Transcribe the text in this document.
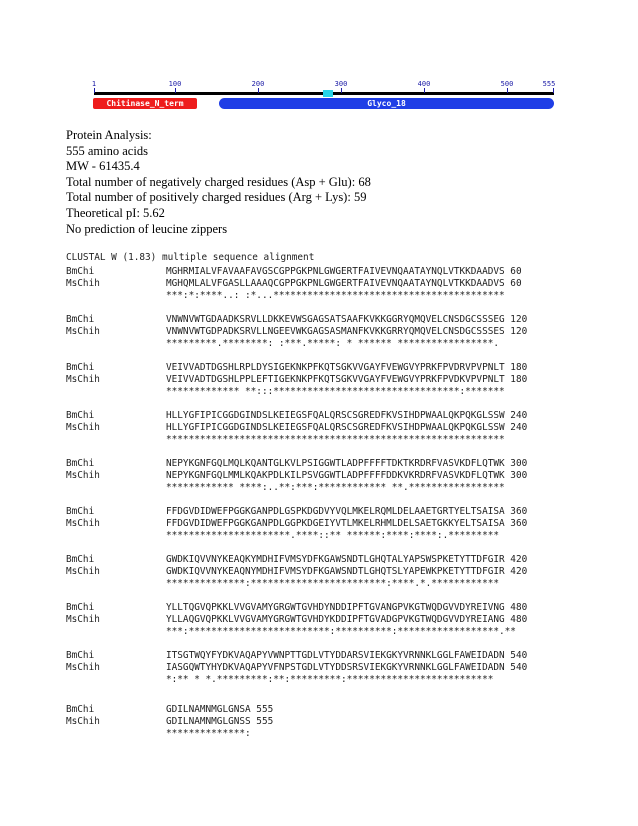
1	100	200	300	400	500	555
Chitinase_N_term	Glyco_18
Protein Analysis:
555 amino acids
MW - 61435.4
Total number of negatively charged residues (Asp + Glu): 68
Total number of positively charged residues (Arg + Lys): 59
Theoretical pI: 5.62
No prediction of leucine zippers

CLUSTAL W (1.83) multiple sequence alignment

BmChi	MGHRMIALVFAVAAFAVGSCGPPGKPNLGWGERTFAIVEVNQAATAYNQLVTKKDAADVS 60

MsChih	MGHQMLALVFGASLLAAAQCGPPGKPNLGWGERTFAIVEVNQAATAYNQLVTKKDAADVS 60

***:*:****..: :*...*****************************************

BmChi	VNWNVWTGDAADKSRVLLDKKEVWSGAGSATSAAFKVKKGGRYQMQVELCNSDGCSSSEG 120

MsChih	VNWNVWTGDPADKSRVLLNGEEVWKGAGSASMANFKVKKGRRYQMQVELCNSDGCSSSES 120

*********.********: :***.*****: * ****** *****************.

BmChi	VEIVVADTDGSHLRPLDYSIGEKNKPFKQTSGKVVGAYFVEWGVYPRKFPVDRVPVPNLT 180

MsChih	VEIVVADTDGSHLPPLEFTIGEKNKPFKQTSGKVVGAYFVEWGVYPRKFPVDKVPVPNLT 180

************* **:::*********************************:*******

BmChi	HLLYGFIPICGGDGINDSLKEIEGSFQALQRSCSGREDFKVSIHDPWAALQKPQKGLSSW 240

MsChih	HLLYGFIPICGGDGINDSLKEIEGSFQALQRSCSGREDFKVSIHDPWAALQKPQKGLSSW 240

************************************************************

BmChi	NEPYKGNFGQLMQLKQANTGLKVLPSIGGWTLADPFFFFTDKTKRDRFVASVKDFLQTWK 300

MsChih	NEPYKGNFGQLMMLKQAKPDLKILPSVGGWTLADPFFFFDDKVKRDRFVASVKDFLQTWK 300

************ ****:..**:***:************ **.*****************

BmChi	FFDGVDIDWEFPGGKGANPDLGSPKDGDVYVQLMKELRQMLDELAAETGRTYELTSAISA 360

MsChih	FFDGVDIDWEFPGGKGANPDLGGPKDGEIYVTLMKELRHMLDELSAETGKKYELTSAISA 360

**********************.****::** ******:****:****:.*********

BmChi	GWDKIQVVNYKEAQKYMDHIFVMSYDFKGAWSNDTLGHQTALYAPSWSPKETYTTDFGIR 420

MsChih	GWDKIQVVNYKEAQNYMDHIFVMSYDFKGAWSNDTLGHQTSLYAPEWKPKETYTTDFGIR 420

**************:************************:****.*.************

BmChi	YLLTQGVQPKKLVVGVAMYGRGWTGVHDYNDDIPFTGVANGPVKGTWQDGVVDYREIVNG 480

MsChih	YLLAQGVQPKKLVVGVAMYGRGWTGVHDYKDDIPFTGVADGPVKGTWQDGVVDYREIANG 480

***:*************************:**********:******************.**

BmChi	ITSGTWQYFYDKVAQAPYVWNPTTGDLVTYDDARSVIEKGKYVRNNKLGGLFAWEIDADN 540

MsChih	IASGQWTYHYDKVAQAPYVFNPSTGDLVTYDDSRSVIEKGKYVRNNKLGGLFAWEIDADN 540

*:** * *.*********:**:*********:**************************

BmChi	GDILNAMNMGLGNSA 555

MsChih	GDILNAMNMGLGNSS 555

**************:
